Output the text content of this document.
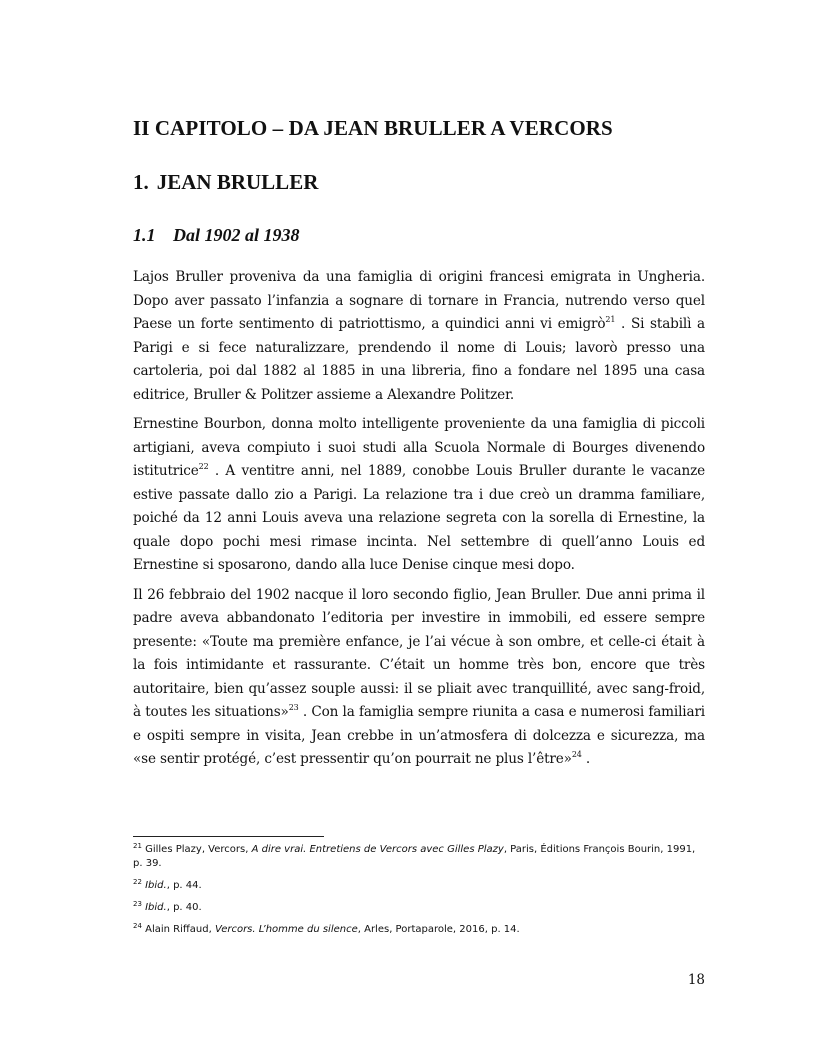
II CAPITOLO – DA JEAN BRULLER A VERCORS
1. JEAN BRULLER
1.1 Dal 1902 al 1938

Lajos Bruller proveniva da una famiglia di origini francesi emigrata in Ungheria. Dopo aver passato l’infanzia a sognare di tornare in Francia, nutrendo verso quel Paese un forte sentimento di patriottismo, a quindici anni vi emigrò$^{21}$ . Si stabilì a Parigi e si fece naturalizzare, prendendo il nome di Louis; lavorò presso una cartoleria, poi dal 1882 al 1885 in una libreria, fino a fondare nel 1895 una casa editrice, Bruller & Politzer assieme a Alexandre Politzer.

Ernestine Bourbon, donna molto intelligente proveniente da una famiglia di piccoli artigiani, aveva compiuto i suoi studi alla Scuola Normale di Bourges divenendo istitutrice$^{22}$ . A ventitre anni, nel 1889, conobbe Louis Bruller durante le vacanze estive passate dallo zio a Parigi. La relazione tra i due creò un dramma familiare, poiché da 12 anni Louis aveva una relazione segreta con la sorella di Ernestine, la quale dopo pochi mesi rimase incinta. Nel settembre di quell’anno Louis ed Ernestine si sposarono, dando alla luce Denise cinque mesi dopo.

Il 26 febbraio del 1902 nacque il loro secondo figlio, Jean Bruller. Due anni prima il padre aveva abbandonato l’editoria per investire in immobili, ed essere sempre presente: «Toute ma première enfance, je l’ai vécue à son ombre, et celle-ci était à la fois intimidante et rassurante. C’était un homme très bon, encore que très autoritaire, bien qu’assez souple aussi: il se pliait avec tranquillité, avec sang-froid, à toutes les situations»$^{23}$ . Con la famiglia sempre riunita a casa e numerosi familiari e ospiti sempre in visita, Jean crebbe in un’atmosfera di dolcezza e sicurezza, ma «se sentir protégé, c’est pressentir qu’on pourrait ne plus l’être»$^{24}$ .

$^{21}$ Gilles Plazy, Vercors, A dire vrai. Entretiens de Vercors avec Gilles Plazy, Paris, Éditions François Bourin, 1991, p. 39.
$^{22}$ Ibid., p. 44.
$^{23}$ Ibid., p. 40.
$^{24}$ Alain Riffaud, Vercors. L’homme du silence, Arles, Portaparole, 2016, p. 14.
18
